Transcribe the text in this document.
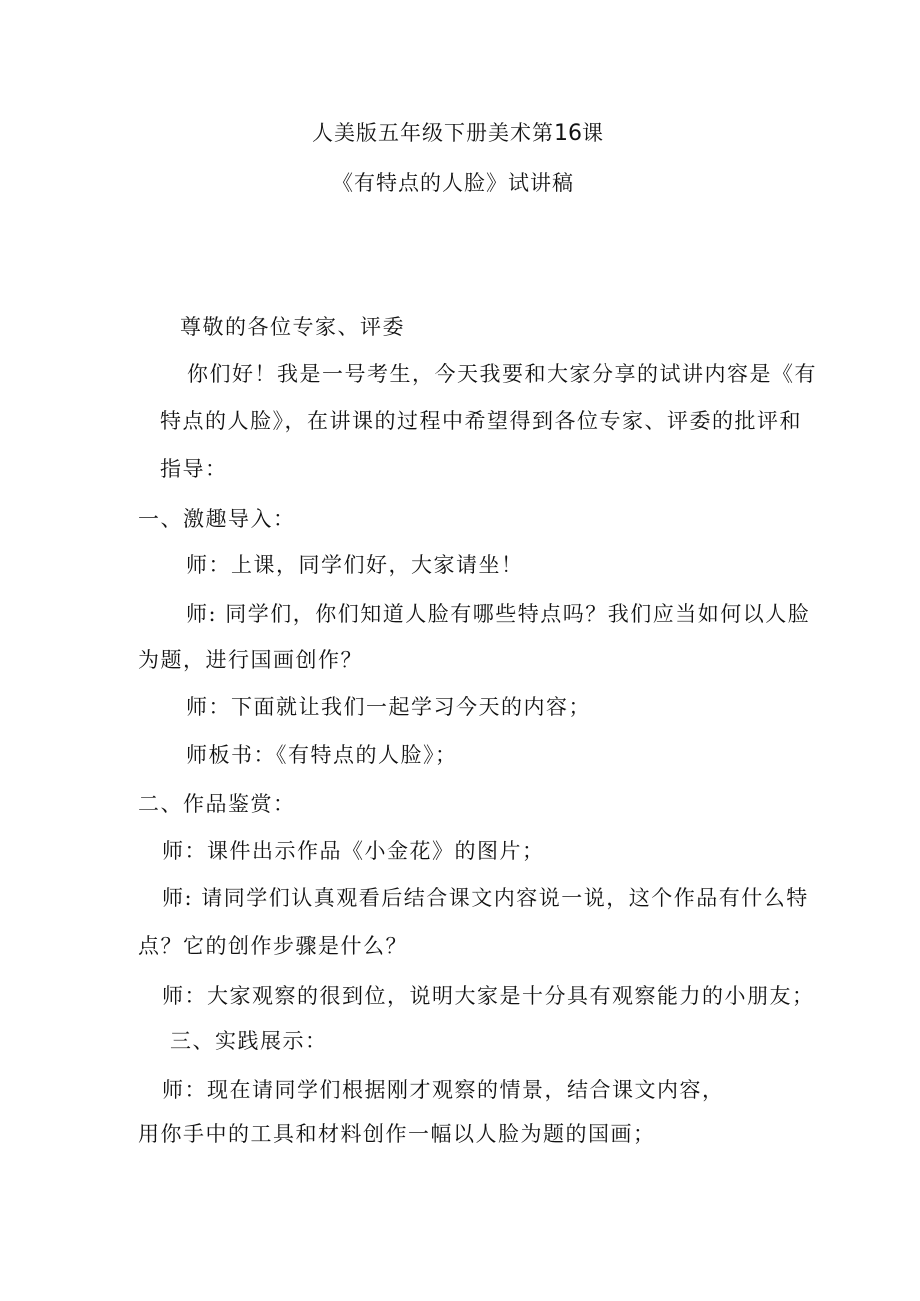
人美版五年级下册美术第16课
《有特点的人脸》试讲稿
尊敬的各位专家、评委
你们好！我是一号考生，今天我要和大家分享的试讲内容是《有
特点的人脸》，在讲课的过程中希望得到各位专家、评委的批评和
指导：
一、激趣导入：
师：上课，同学们好，大家请坐！
师: 同学们，你们知道人脸有哪些特点吗？我们应当如何以人脸
为题，进行国画创作？
师：下面就让我们一起学习今天的内容；
师板书：《有特点的人脸》；
二、作品鉴赏：
师：课件出示作品《小金花》的图片；
师: 请同学们认真观看后结合课文内容说一说，这个作品有什么特
点？它的创作步骤是什么？
师：大家观察的很到位，说明大家是十分具有观察能力的小朋友；
三、实践展示：
师：现在请同学们根据刚才观察的情景，结合课文内容，
用你手中的工具和材料创作一幅以人脸为题的国画；
